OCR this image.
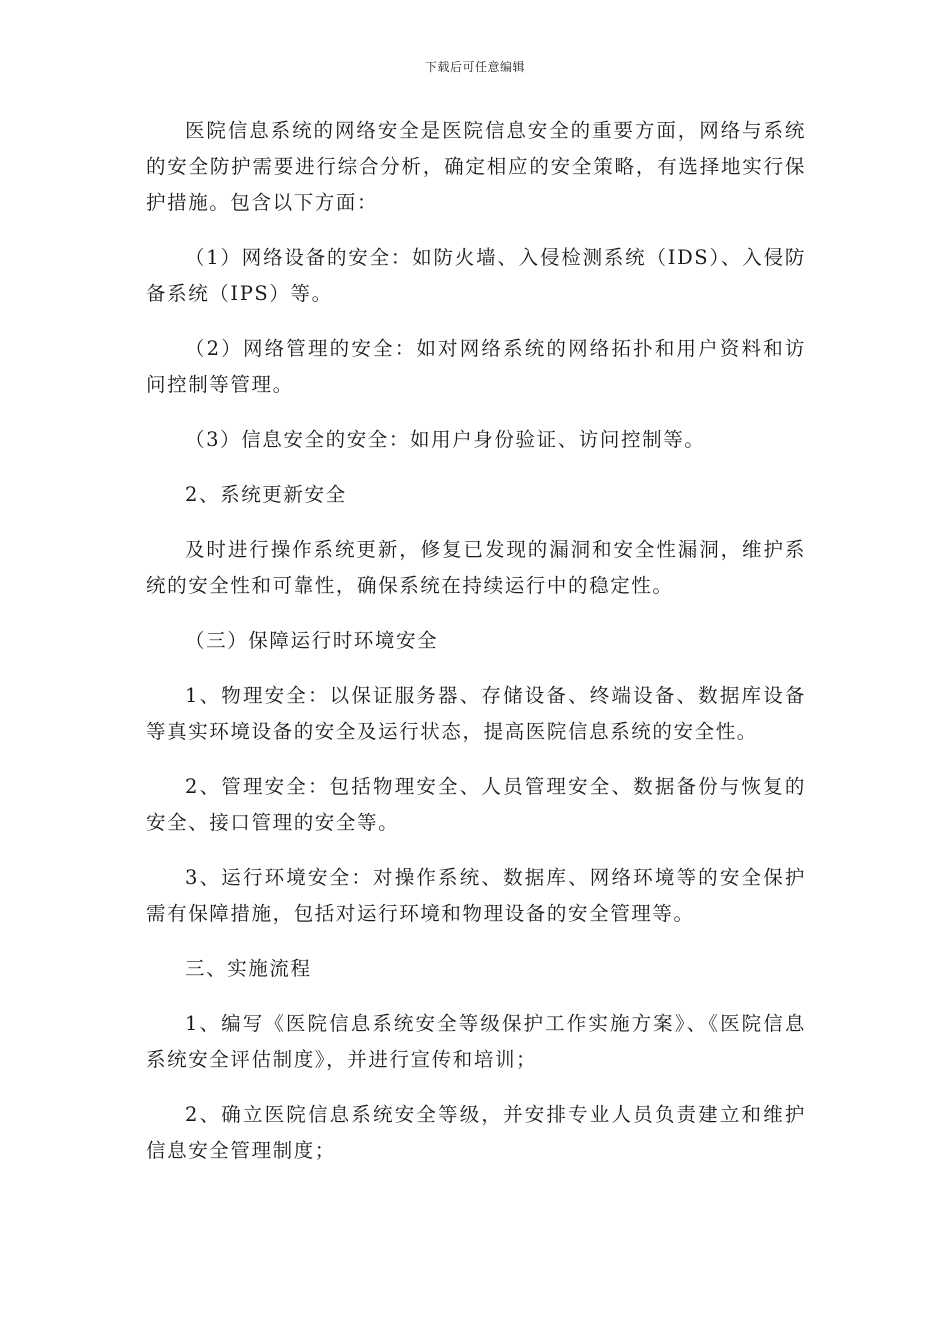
下载后可任意编辑

医院信息系统的网络安全是医院信息安全的重要方面，网络与系统的安全防护需要进行综合分析，确定相应的安全策略，有选择地实行保护措施。包含以下方面：

（1）网络设备的安全：如防火墙、入侵检测系统（IDS）、入侵防备系统（IPS）等。

（2）网络管理的安全：如对网络系统的网络拓扑和用户资料和访问控制等管理。

（3）信息安全的安全：如用户身份验证、访问控制等。

2、系统更新安全

及时进行操作系统更新，修复已发现的漏洞和安全性漏洞，维护系统的安全性和可靠性，确保系统在持续运行中的稳定性。

（三）保障运行时环境安全

1、物理安全：以保证服务器、存储设备、终端设备、数据库设备等真实环境设备的安全及运行状态，提高医院信息系统的安全性。

2、管理安全：包括物理安全、人员管理安全、数据备份与恢复的安全、接口管理的安全等。

3、运行环境安全：对操作系统、数据库、网络环境等的安全保护需有保障措施，包括对运行环境和物理设备的安全管理等。

三、实施流程

1、编写《医院信息系统安全等级保护工作实施方案》、《医院信息系统安全评估制度》，并进行宣传和培训；

2、确立医院信息系统安全等级，并安排专业人员负责建立和维护信息安全管理制度；
